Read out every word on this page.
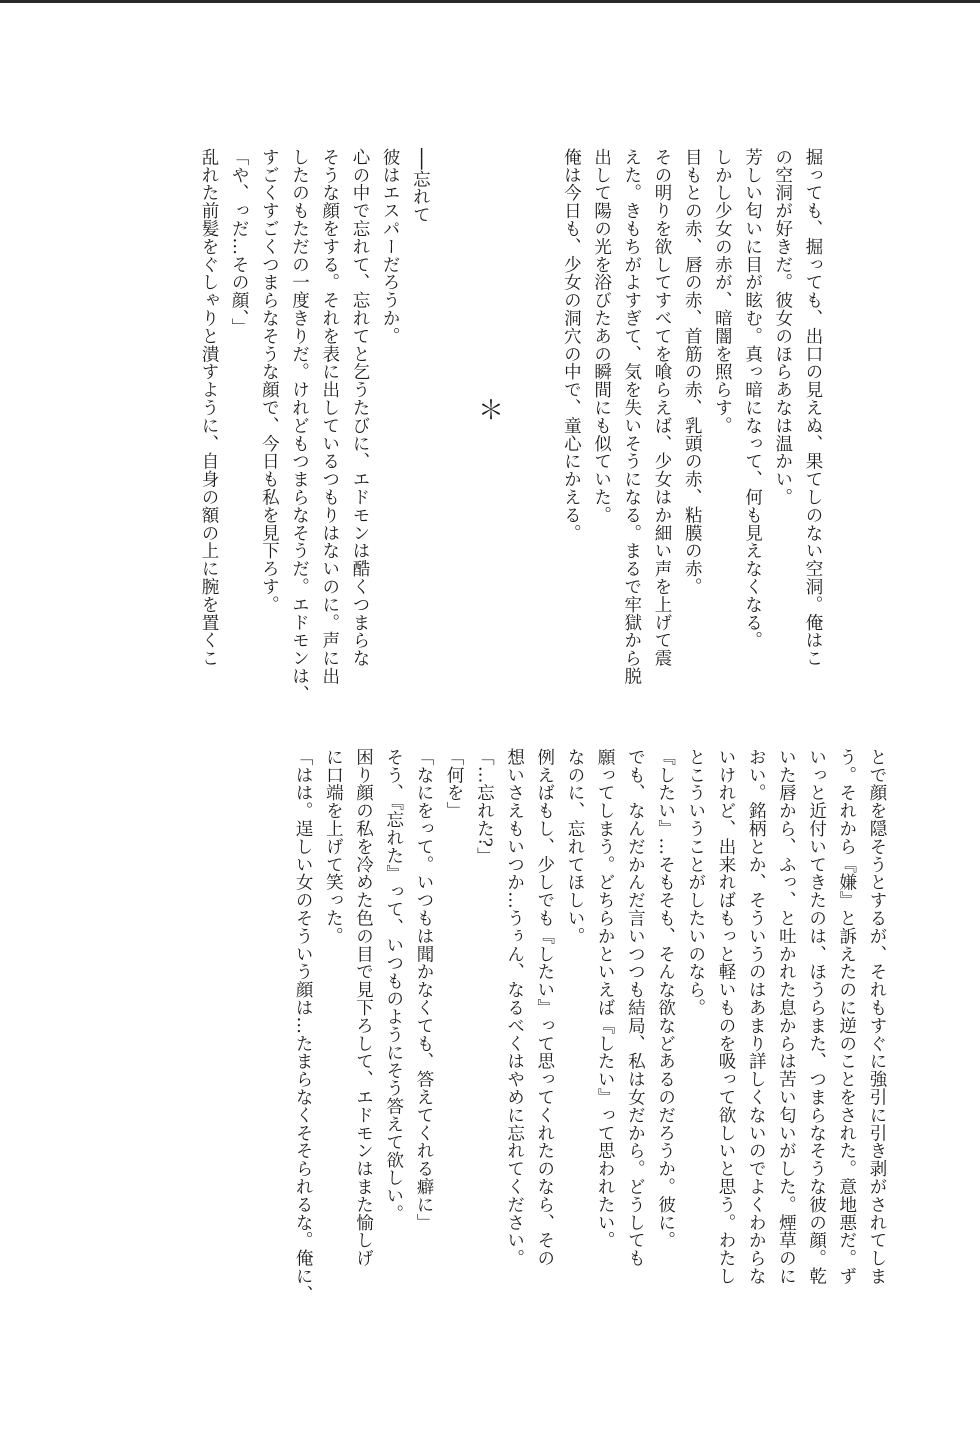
掘っても、掘っても、出口の見えぬ、果てしのない空洞。俺はこ

の空洞が好きだ。彼女のほらあなは温かい。

芳しい匂いに目が眩む。真っ暗になって、何も見えなくなる。

しかし少女の赤が、暗闇を照らす。

目もとの赤、唇の赤、首筋の赤、乳頭の赤、粘膜の赤。

その明りを欲してすべてを喰らえば、少女はか細い声を上げて震

えた。きもちがよすぎて、気を失いそうになる。まるで牢獄から脱

出して陽の光を浴びたあの瞬間にも似ていた。

俺は今日も、少女の洞穴の中で、童心にかえる。

──忘れて

彼はエスパーだろうか。

心の中で忘れて、忘れてと乞うたびに、エドモンは酷くつまらな

そうな顔をする。それを表に出しているつもりはないのに。声に出

したのもただの一度きりだ。けれどもつまらなそうだ。エドモンは、

すごくすごくつまらなそうな顔で、今日も私を見下ろす。

「や、っだ…その顔、」

乱れた前髪をぐしゃりと潰すように、自身の額の上に腕を置くこ	＊

とで顔を隠そうとするが、それもすぐに強引に引き剥がされてしま

う。それから『嫌』と訴えたのに逆のことをされた。意地悪だ。ず

いっと近付いてきたのは、ほうらまた、つまらなそうな彼の顔。乾

いた唇から、ふっ、と吐かれた息からは苦い匂いがした。煙草のに

おい。銘柄とか、そういうのはあまり詳しくないのでよくわからな

いけれど、出来ればもっと軽いものを吸って欲しいと思う。わたし

とこういうことがしたいのなら。

『したい』…そもそも、そんな欲などあるのだろうか。彼に。

でも、なんだかんだ言いつつも結局、私は女だから。どうしても

願ってしまう。どちらかといえば『したい』って思われたい。

なのに、忘れてほしい。

例えばもし、少しでも『したい』って思ってくれたのなら、その

想いさえもいつか…うぅん、なるべくはやめに忘れてください。

「…忘れた?」

「何を」

「なにをって。いつもは聞かなくても、答えてくれる癖に」

そう、『忘れた』って、いつものようにそう答えて欲しい。

困り顔の私を冷めた色の目で見下ろして、エドモンはまた愉しげ

に口端を上げて笑った。

「はは。逞しい女のそういう顔は…たまらなくそそられるな。俺に、
